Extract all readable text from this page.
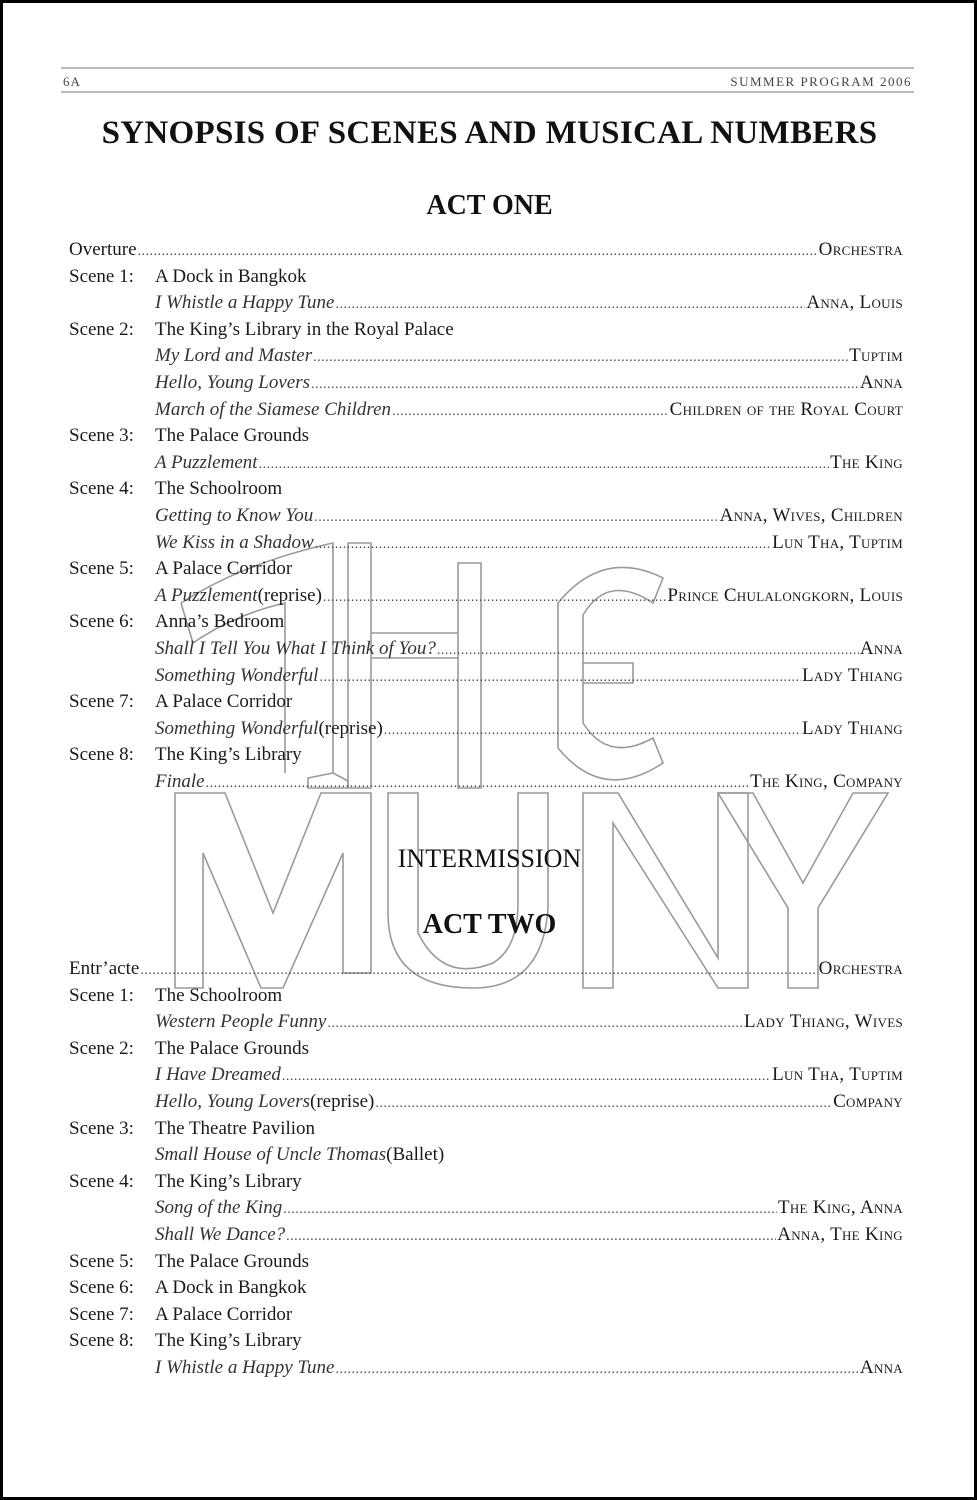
6A	SUMMER PROGRAM 2006
SYNOPSIS OF SCENES AND MUSICAL NUMBERS
ACT ONE
Overture .....	Orchestra
Scene 1:	A Dock in Bangkok
I Whistle a Happy Tune .....	Anna, Louis
Scene 2:	The King’s Library in the Royal Palace
My Lord and Master .....	Tuptim
Hello, Young Lovers .....	Anna
March of the Siamese Children .....	Children of the Royal Court
Scene 3:	The Palace Grounds
A Puzzlement .....	The King
Scene 4:	The Schoolroom
Getting to Know You .....	Anna, Wives, Children
We Kiss in a Shadow .....	Lun Tha, Tuptim
Scene 5:	A Palace Corridor
A Puzzlement (reprise) .....	Prince Chulalongkorn, Louis
Scene 6:	Anna’s Bedroom
Shall I Tell You What I Think of You? .....	Anna
Something Wonderful .....	Lady Thiang
Scene 7:	A Palace Corridor
Something Wonderful (reprise) .....	Lady Thiang
Scene 8:	The King’s Library
Finale .....	The King, Company
INTERMISSION
ACT TWO
Entr’acte .....	Orchestra
Scene 1:	The Schoolroom
Western People Funny .....	Lady Thiang, Wives
Scene 2:	The Palace Grounds
I Have Dreamed .....	Lun Tha, Tuptim
Hello, Young Lovers (reprise) .....	Company
Scene 3:	The Theatre Pavilion
Small House of Uncle Thomas (Ballet)
Scene 4:	The King’s Library
Song of the King .....	The King, Anna
Shall We Dance? .....	Anna, The King
Scene 5:	The Palace Grounds
Scene 6:	A Dock in Bangkok
Scene 7:	A Palace Corridor
Scene 8:	The King’s Library
I Whistle a Happy Tune .....	Anna
